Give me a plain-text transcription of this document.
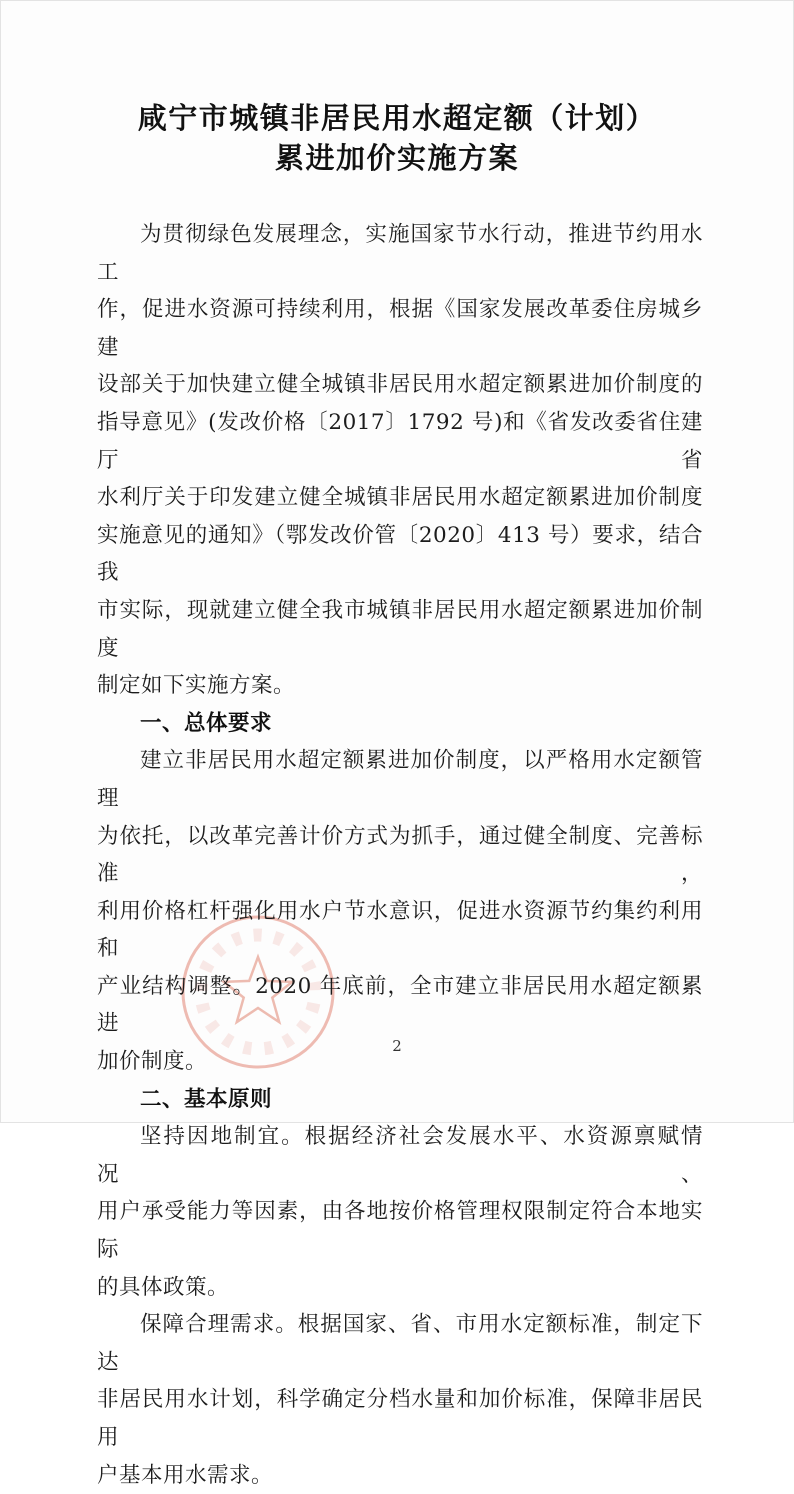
咸宁市城镇非居民用水超定额（计划）
累进加价实施方案
为贯彻绿色发展理念，实施国家节水行动，推进节约用水工
作，促进水资源可持续利用，根据《国家发展改革委住房城乡建
设部关于加快建立健全城镇非居民用水超定额累进加价制度的
指导意见》(发改价格〔2017〕1792 号)和《省发改委省住建厅省
水利厅关于印发建立健全城镇非居民用水超定额累进加价制度
实施意见的通知》（鄂发改价管〔2020〕413 号）要求，结合我
市实际，现就建立健全我市城镇非居民用水超定额累进加价制度
制定如下实施方案。
一、总体要求
建立非居民用水超定额累进加价制度，以严格用水定额管理
为依托，以改革完善计价方式为抓手，通过健全制度、完善标准，
利用价格杠杆强化用水户节水意识，促进水资源节约集约利用和
产业结构调整。2020 年底前，全市建立非居民用水超定额累进
加价制度。
二、基本原则
坚持因地制宜。根据经济社会发展水平、水资源禀赋情况、
用户承受能力等因素，由各地按价格管理权限制定符合本地实际
的具体政策。
保障合理需求。根据国家、省、市用水定额标准，制定下达
非居民用水计划，科学确定分档水量和加价标准，保障非居民用
户基本用水需求。
2
